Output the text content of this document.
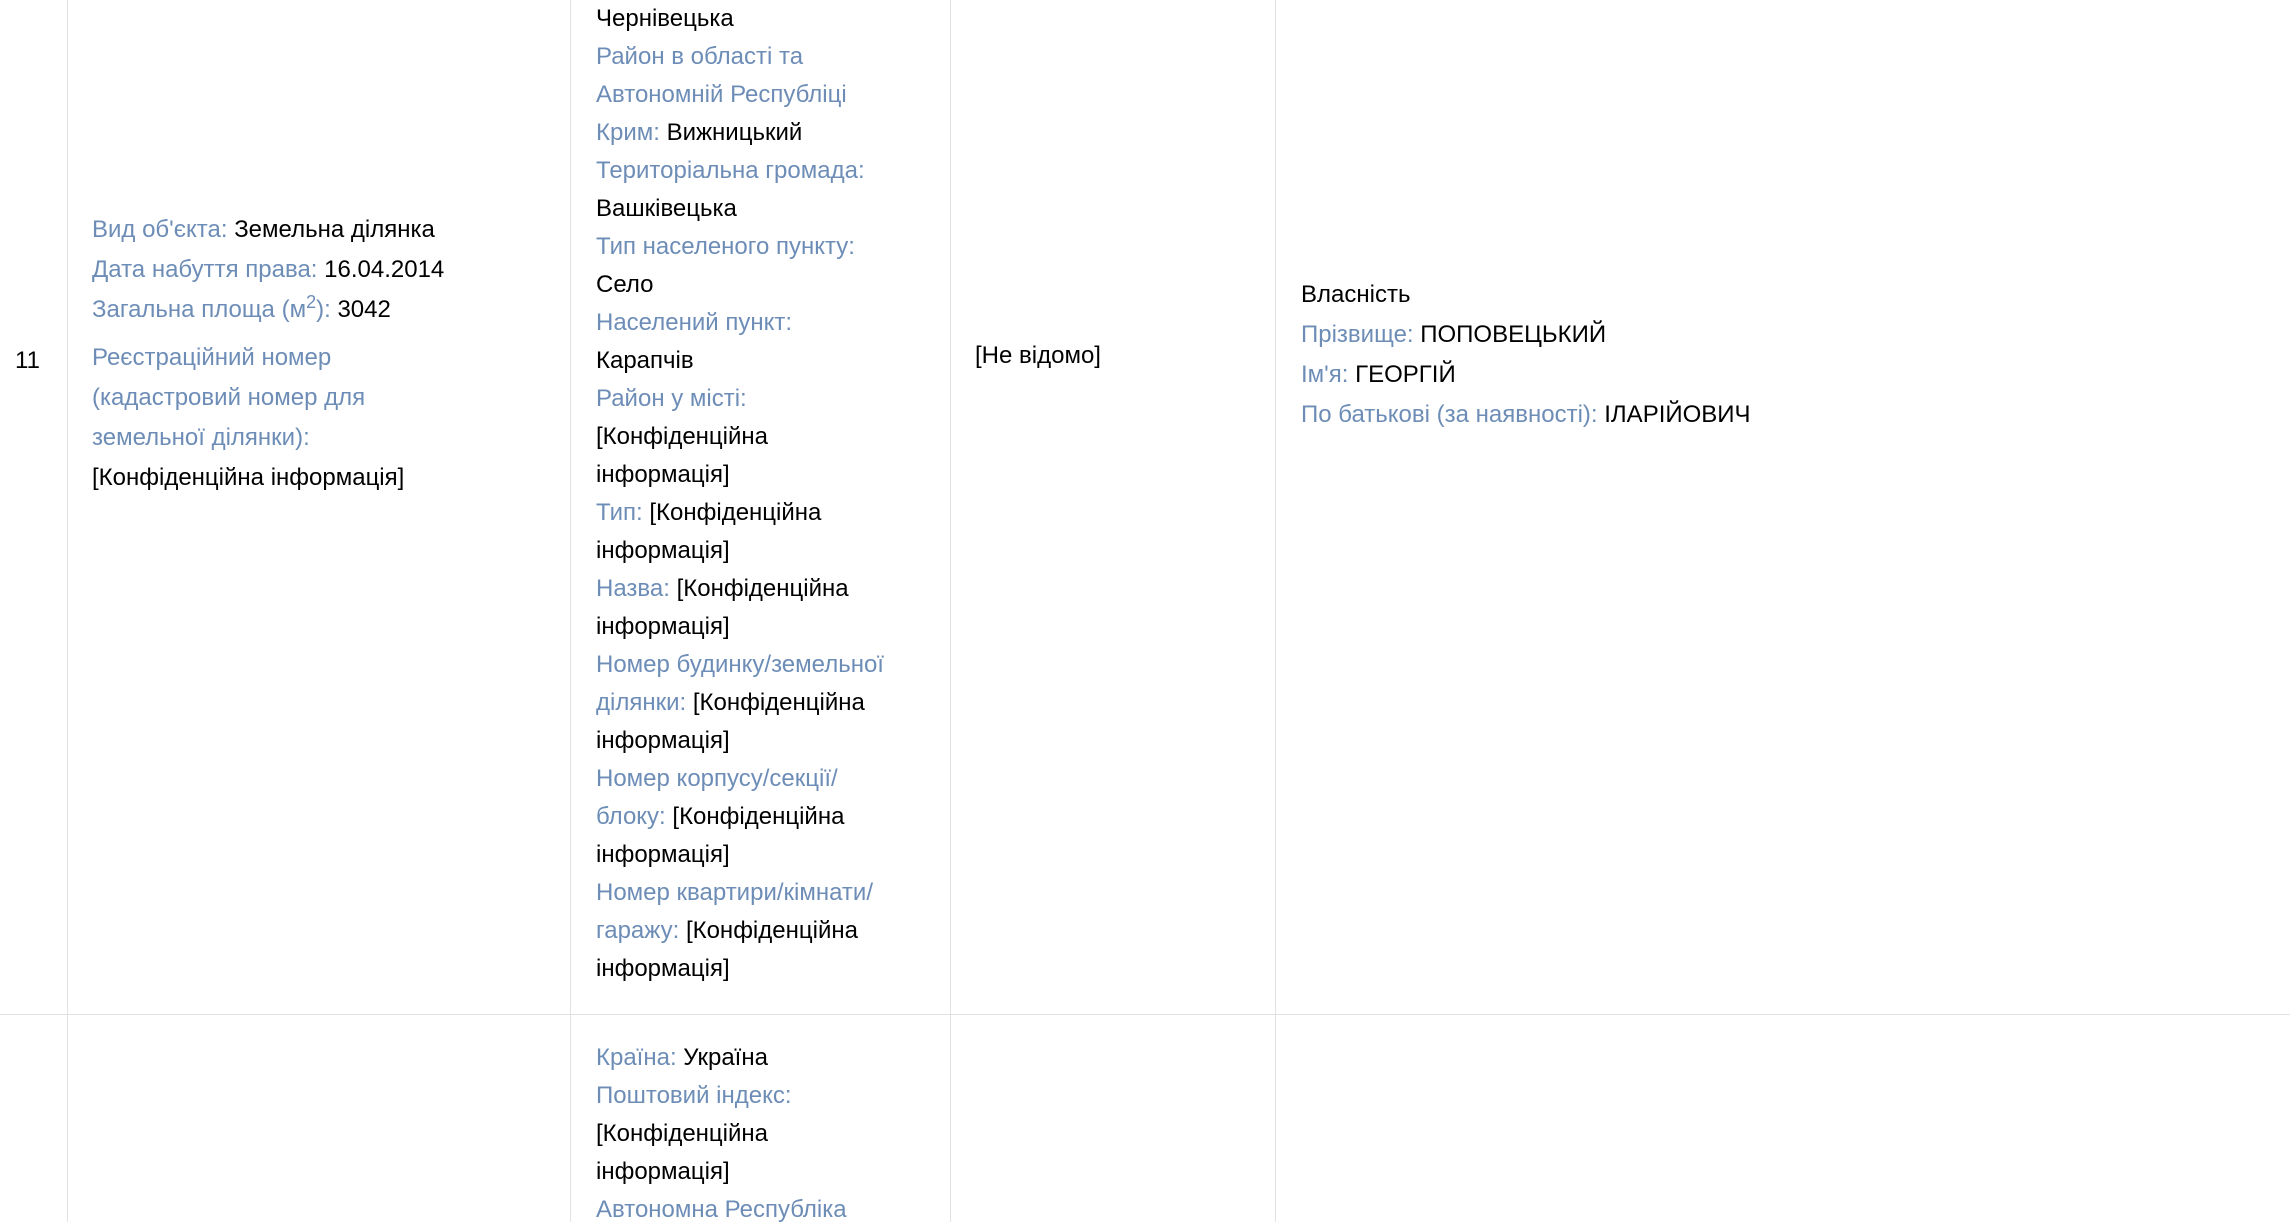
11
Вид об'єкта: Земельна ділянка
Дата набуття права: 16.04.2014
Загальна площа $(м^2)$: 3042
Реєстраційний номер
(кадастровий номер для
земельної ділянки):
[Конфіденційна інформація]
Чернівецька
Район в області та
Автономній Республіці
Крим: Вижницький
Територіальна громада:
Вашківецька
Тип населеного пункту:
Село
Населений пункт:
Карапчів
Район у місті:
[Конфіденційна
інформація]
Тип: [Конфіденційна
інформація]
Назва: [Конфіденційна
інформація]
Номер будинку/земельної
ділянки: [Конфіденційна
інформація]
Номер корпусу/секції/
блоку: [Конфіденційна
інформація]
Номер квартири/кімнати/
гаражу: [Конфіденційна
інформація]
[Не відомо]
Власність
Прізвище: ПОПОВЕЦЬКИЙ
Ім'я: ГЕОРГІЙ
По батькові (за наявності): ІЛАРІЙОВИЧ
Країна: Україна
Поштовий індекс:
[Конфіденційна
інформація]
Автономна Республіка
